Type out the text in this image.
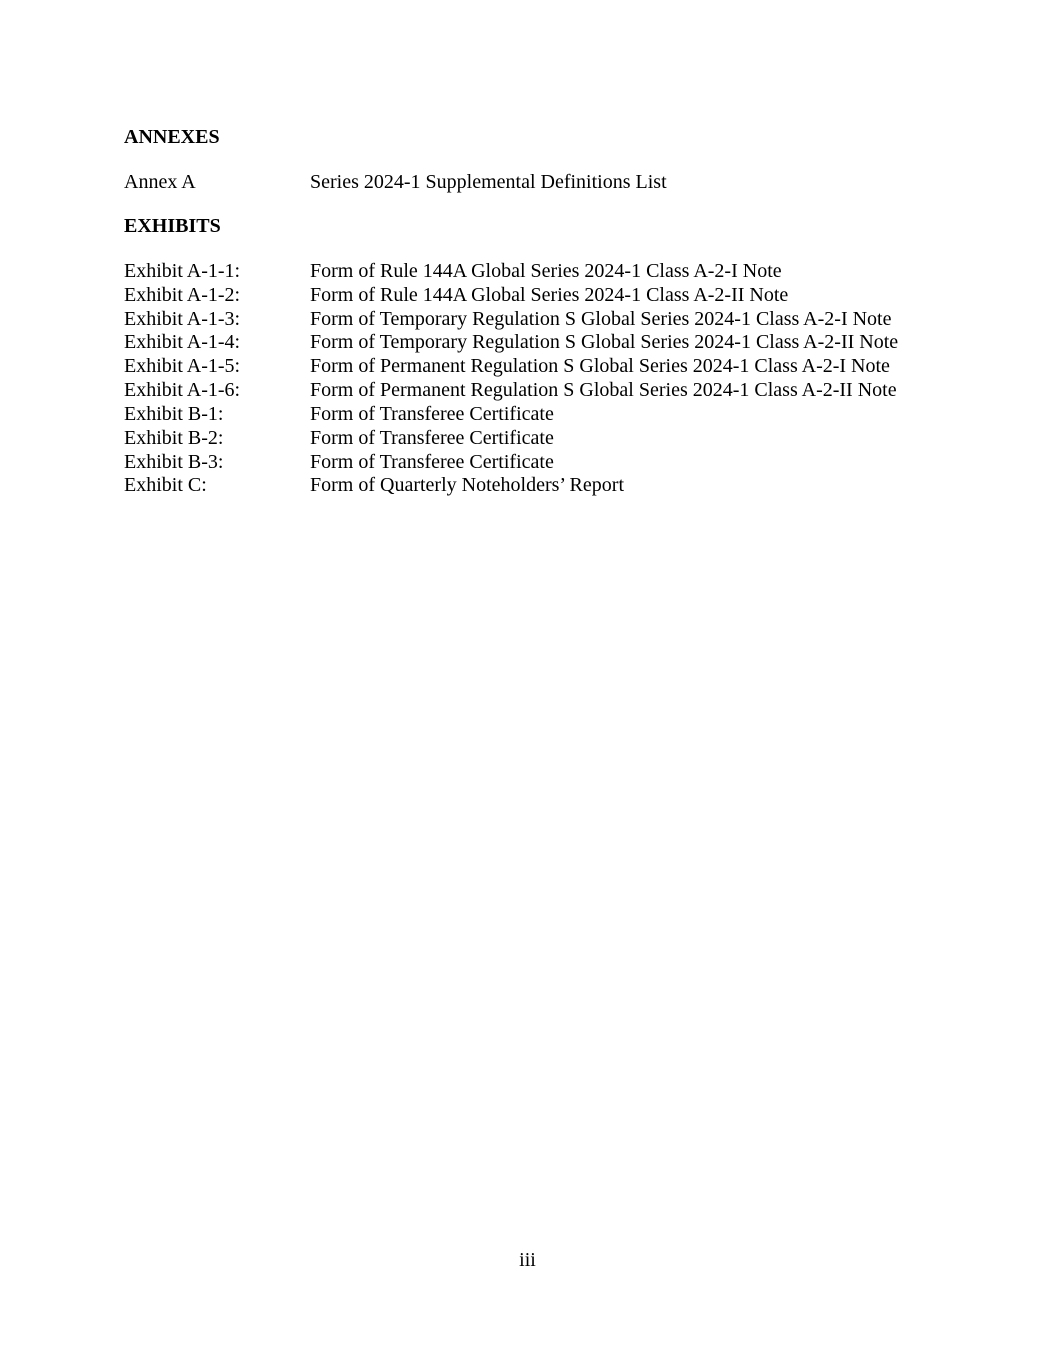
ANNEXES
Annex A	Series 2024-1 Supplemental Definitions List
EXHIBITS
Exhibit A-1-1:	Form of Rule 144A Global Series 2024-1 Class A-2-I Note
Exhibit A-1-2:	Form of Rule 144A Global Series 2024-1 Class A-2-II Note
Exhibit A-1-3:	Form of Temporary Regulation S Global Series 2024-1 Class A-2-I Note
Exhibit A-1-4:	Form of Temporary Regulation S Global Series 2024-1 Class A-2-II Note
Exhibit A-1-5:	Form of Permanent Regulation S Global Series 2024-1 Class A-2-I Note
Exhibit A-1-6:	Form of Permanent Regulation S Global Series 2024-1 Class A-2-II Note
Exhibit B-1:	Form of Transferee Certificate
Exhibit B-2:	Form of Transferee Certificate
Exhibit B-3:	Form of Transferee Certificate
Exhibit C:	Form of Quarterly Noteholders’ Report
iii
